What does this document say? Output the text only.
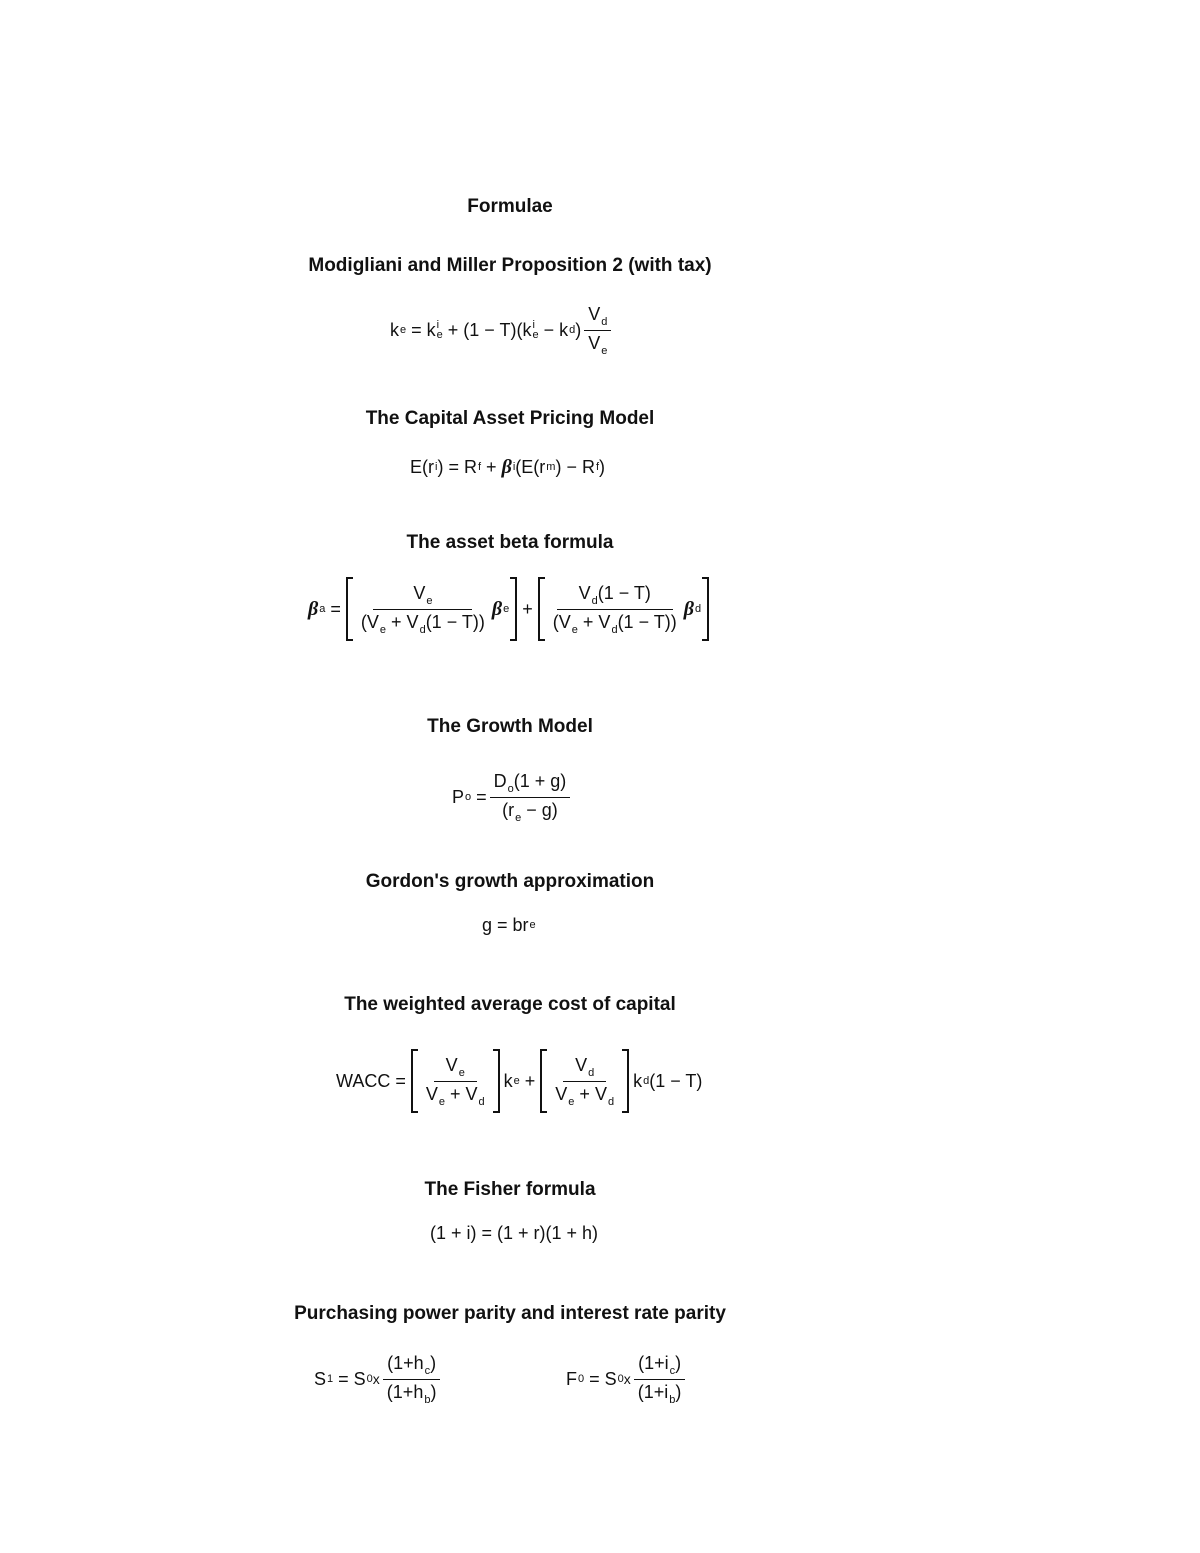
Formulae
Modigliani and Miller Proposition 2 (with tax)
k e = k i
e + (1 − T)( k i
e − k d ) $\frac{V_d}{V_e}$
The Capital Asset Pricing Model
E ( r i ) = R f + β i ( E ( r m ) − R f )
The asset beta formula
β $a = \frac{V_e}{(V_e + V_d(1 - T))}$ β $e + \frac{V_d(1 - T)}{(V_e + V_d(1 - T))}$ β d
The Growth Model
P $o = \frac{D_o(1 + g)}{(r_e - g)}$
Gordon's growth approximation
g = br e
The weighted average cost of capital
WACC = $\frac{V_e}{V_e + V_d}$ k $e + \frac{V_d}{V_e + V_d}$ k d (1 − T)
The Fisher formula
(1 + i) = (1 + r)(1 + h)
Purchasing power parity and interest rate parity
S 1 = S 0 x $\frac{(1+h_c)}{(1+h_b)}$	F 0 = S 0 x $\frac{(1+i_c)}{(1+i_b)}$
